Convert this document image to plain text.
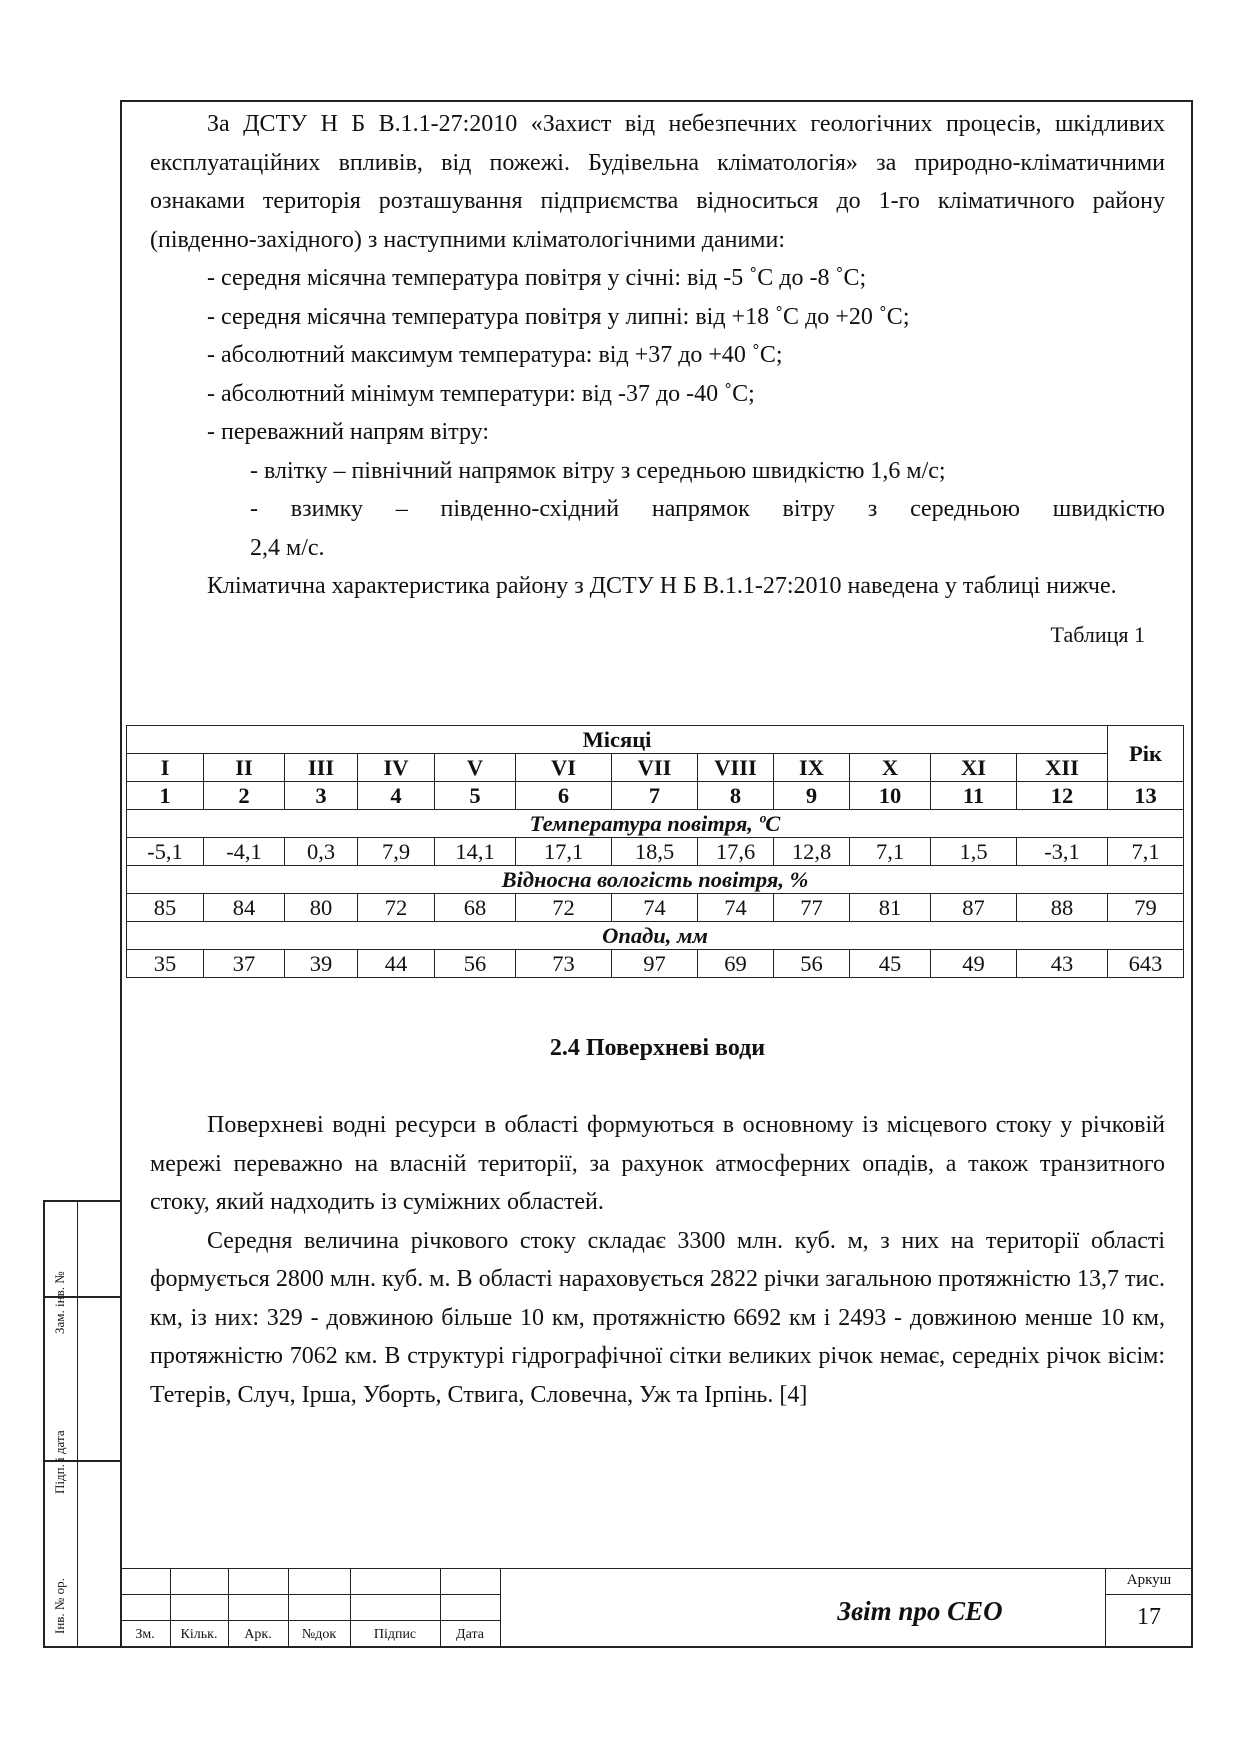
За ДСТУ Н Б В.1.1-27:2010 «Захист від небезпечних геологічних процесів, шкідливих експлуатаційних впливів, від пожежі. Будівельна кліматологія» за природно-кліматичними ознаками територія розташування підприємства відноситься до 1-го кліматичного району (південно-західного) з наступними кліматологічними даними:

- середня місячна температура повітря у січні: від -5 ˚С до -8 ˚С;

- середня місячна температура повітря у липні: від +18 ˚С до +20 ˚С;

- абсолютний максимум температура: від +37 до +40 ˚С;

- абсолютний мінімум температури: від -37 до -40 ˚С;

- переважний напрям вітру:

- влітку – північний напрямок вітру з середньою швидкістю 1,6 м/с;

- взимку – південно-східний напрямок вітру з середньою швидкістю

2,4 м/с.

Кліматична характеристика району з ДСТУ Н Б В.1.1-27:2010 наведена у таблиці нижче.

Таблиця 1
Місяці												Рік
I	II	III	IV	V	VI	VII	VIII	IX	X	XI	XII	
1	2	3	4	5	6	7	8	9	10	11	12	13
Температура повітря, ºС												
-5,1	-4,1	0,3	7,9	14,1	17,1	18,5	17,6	12,8	7,1	1,5	-3,1	7,1
Відносна вологість повітря, %												
85	84	80	72	68	72	74	74	77	81	87	88	79
Опади, мм												
35	37	39	44	56	73	97	69	56	45	49	43	643
2.4 Поверхневі води

Поверхневі водні ресурси в області формуються в основному із місцевого стоку у річковій мережі переважно на власній території, за рахунок атмосферних опадів, а також транзитного стоку, який надходить із суміжних областей.

Середня величина річкового стоку складає 3300 млн. куб. м, з них на території області формується 2800 млн. куб. м. В області нараховується 2822 річки загальною протяжністю 13,7 тис. км, із них: 329 - довжиною більше 10 км, протяжністю 6692 км і 2493 - довжиною менше 10 км, протяжністю 7062 км. В структурі гідрографічної сітки великих річок немає, середніх річок вісім: Тетерів, Случ, Ірша, Уборть, Ствига, Словечна, Уж та Ірпінь. [4]

Зам. інв. №
Підп. і дата
Інв. № ор.
Зм.	Кільк.	Арк.	№док	Підпис	Дата
Звіт про СЕО
Аркуш
17
